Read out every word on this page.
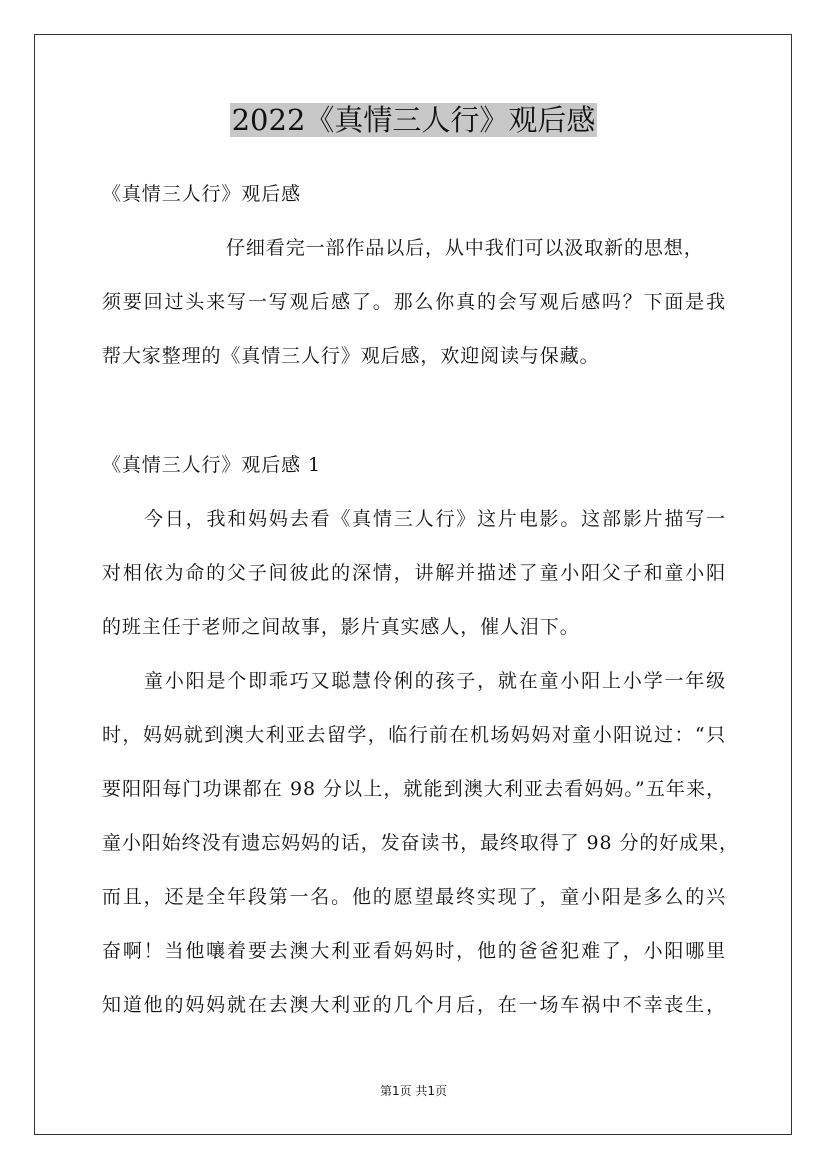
2022《真情三人行》观后感
《真情三人行》观后感
仔细看完一部作品以后，从中我们可以汲取新的思想，
须要回过头来写一写观后感了。那么你真的会写观后感吗？下面是我
帮大家整理的《真情三人行》观后感，欢迎阅读与保藏。
《真情三人行》观后感 1
今日，我和妈妈去看《真情三人行》这片电影。这部影片描写一
对相依为命的父子间彼此的深情，讲解并描述了童小阳父子和童小阳
的班主任于老师之间故事，影片真实感人，催人泪下。
童小阳是个即乖巧又聪慧伶俐的孩子，就在童小阳上小学一年级
时，妈妈就到澳大利亚去留学，临行前在机场妈妈对童小阳说过：“只
要阳阳每门功课都在 98 分以上，就能到澳大利亚去看妈妈。”五年来，
童小阳始终没有遗忘妈妈的话，发奋读书，最终取得了 98 分的好成果，
而且，还是全年段第一名。他的愿望最终实现了，童小阳是多么的兴
奋啊！当他嚷着要去澳大利亚看妈妈时，他的爸爸犯难了，小阳哪里
知道他的妈妈就在去澳大利亚的几个月后，在一场车祸中不幸丧生，
第1页 共1页
